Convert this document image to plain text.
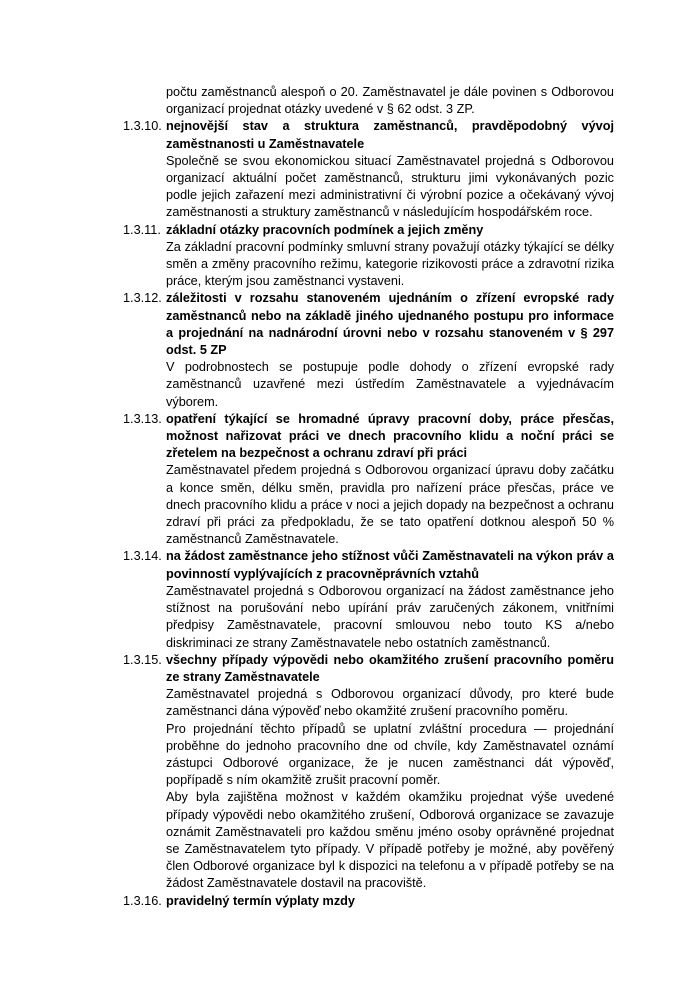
počtu zaměstnanců alespoň o 20. Zaměstnavatel je dále povinen s Odborovou organizací projednat otázky uvedené v § 62 odst. 3 ZP.
1.3.10. nejnovější stav a struktura zaměstnanců, pravděpodobný vývoj zaměstnanosti u Zaměstnavatele
Společně se svou ekonomickou situací Zaměstnavatel projedná s Odborovou organizací aktuální počet zaměstnanců, strukturu jimi vykonávaných pozic podle jejich zařazení mezi administrativní či výrobní pozice a očekávaný vývoj zaměstnanosti a struktury zaměstnanců v následujícím hospodářském roce.
1.3.11. základní otázky pracovních podmínek a jejich změny
Za základní pracovní podmínky smluvní strany považují otázky týkající se délky směn a změny pracovního režimu, kategorie rizikovosti práce a zdravotní rizika práce, kterým jsou zaměstnanci vystaveni.
1.3.12. záležitosti v rozsahu stanoveném ujednáním o zřízení evropské rady zaměstnanců nebo na základě jiného ujednaného postupu pro informace a projednání na nadnárodní úrovni nebo v rozsahu stanoveném v § 297 odst. 5 ZP
V podrobnostech se postupuje podle dohody o zřízení evropské rady zaměstnanců uzavřené mezi ústředím Zaměstnavatele a vyjednávacím výborem.
1.3.13. opatření týkající se hromadné úpravy pracovní doby, práce přesčas, možnost nařizovat práci ve dnech pracovního klidu a noční práci se zřetelem na bezpečnost a ochranu zdraví při práci
Zaměstnavatel předem projedná s Odborovou organizací úpravu doby začátku a konce směn, délku směn, pravidla pro nařízení práce přesčas, práce ve dnech pracovního klidu a práce v noci a jejich dopady na bezpečnost a ochranu zdraví při práci za předpokladu, že se tato opatření dotknou alespoň 50 % zaměstnanců Zaměstnavatele.
1.3.14. na žádost zaměstnance jeho stížnost vůči Zaměstnavateli na výkon práv a povinností vyplývajících z pracovněprávních vztahů
Zaměstnavatel projedná s Odborovou organizací na žádost zaměstnance jeho stížnost na porušování nebo upírání práv zaručených zákonem, vnitřními předpisy Zaměstnavatele, pracovní smlouvou nebo touto KS a/nebo diskriminaci ze strany Zaměstnavatele nebo ostatních zaměstnanců.
1.3.15. všechny případy výpovědi nebo okamžitého zrušení pracovního poměru ze strany Zaměstnavatele
Zaměstnavatel projedná s Odborovou organizací důvody, pro které bude zaměstnanci dána výpověď nebo okamžité zrušení pracovního poměru.
Pro projednání těchto případů se uplatní zvláštní procedura — projednání proběhne do jednoho pracovního dne od chvíle, kdy Zaměstnavatel oznámí zástupci Odborové organizace, že je nucen zaměstnanci dát výpověď, popřípadě s ním okamžitě zrušit pracovní poměr.
Aby byla zajištěna možnost v každém okamžiku projednat výše uvedené případy výpovědi nebo okamžitého zrušení, Odborová organizace se zavazuje oznámit Zaměstnavateli pro každou směnu jméno osoby oprávněné projednat se Zaměstnavatelem tyto případy. V případě potřeby je možné, aby pověřený člen Odborové organizace byl k dispozici na telefonu a v případě potřeby se na žádost Zaměstnavatele dostavil na pracoviště.
1.3.16. pravidelný termín výplaty mzdy
